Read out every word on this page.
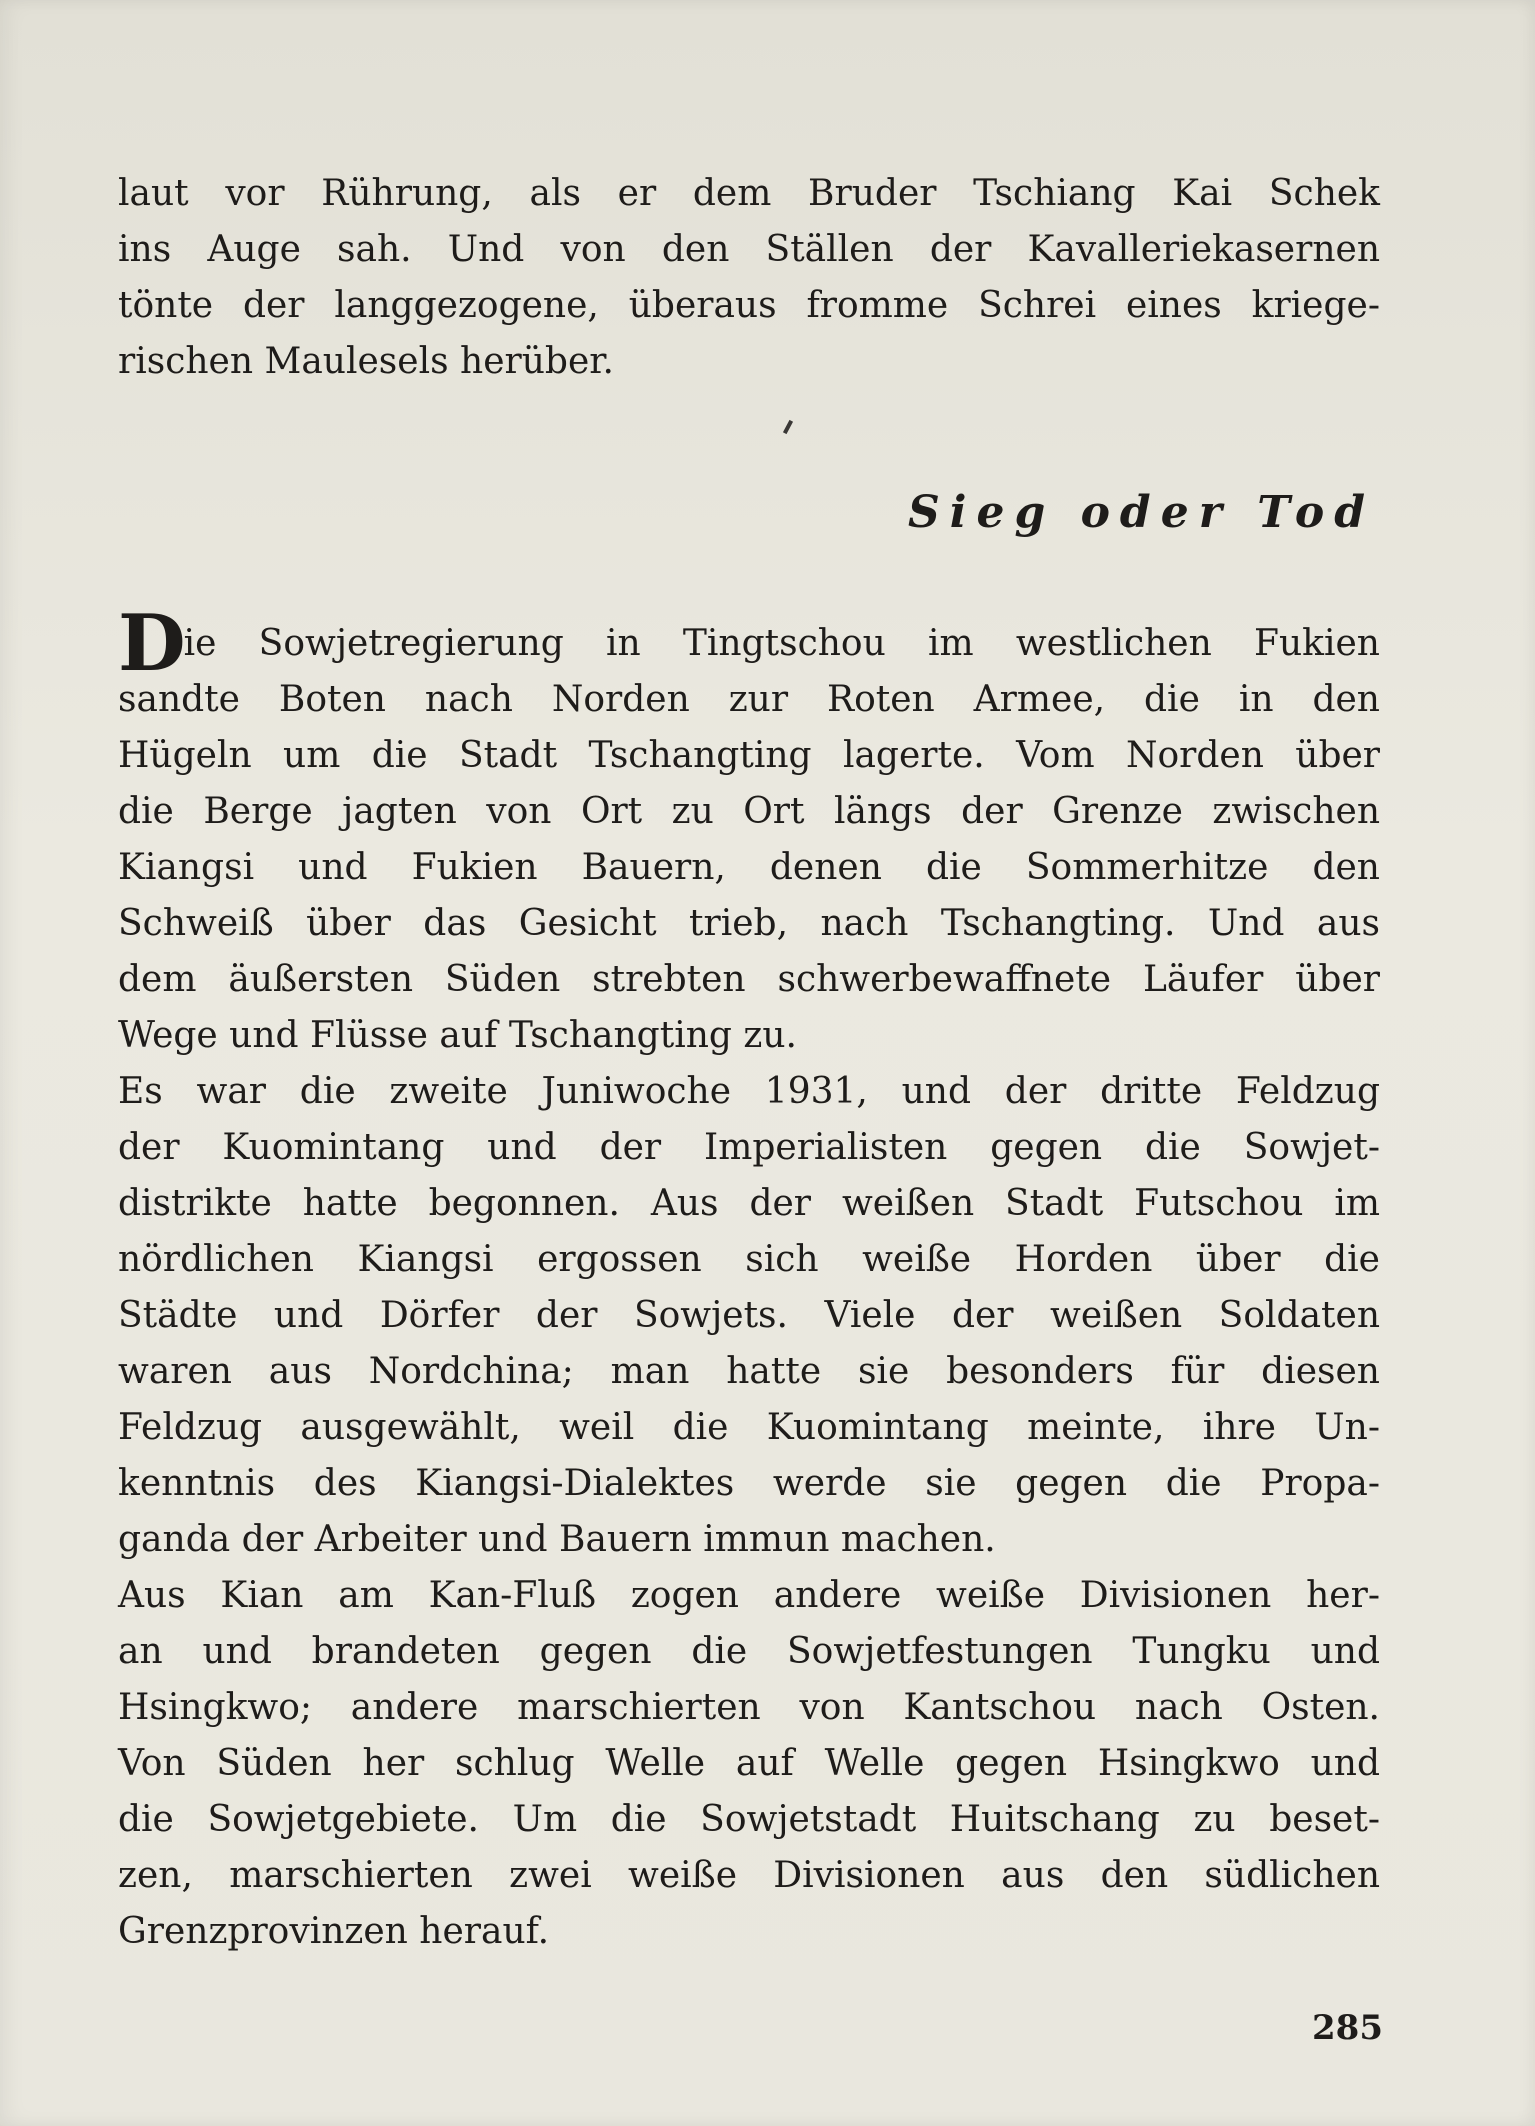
laut vor Rührung, als er dem Bruder Tschiang Kai Schek
ins Auge sah. Und von den Ställen der Kavalleriekasernen
tönte der langgezogene, überaus fromme Schrei eines kriege-
rischen Maulesels herüber.
Sieg oder Tod
Die Sowjetregierung in Tingtschou im westlichen Fukien
sandte Boten nach Norden zur Roten Armee, die in den
Hügeln um die Stadt Tschangting lagerte. Vom Norden über
die Berge jagten von Ort zu Ort längs der Grenze zwischen
Kiangsi und Fukien Bauern, denen die Sommerhitze den
Schweiß über das Gesicht trieb, nach Tschangting. Und aus
dem äußersten Süden strebten schwerbewaffnete Läufer über
Wege und Flüsse auf Tschangting zu.
Es war die zweite Juniwoche 1931, und der dritte Feldzug
der Kuomintang und der Imperialisten gegen die Sowjet-
distrikte hatte begonnen. Aus der weißen Stadt Futschou im
nördlichen Kiangsi ergossen sich weiße Horden über die
Städte und Dörfer der Sowjets. Viele der weißen Soldaten
waren aus Nordchina; man hatte sie besonders für diesen
Feldzug ausgewählt, weil die Kuomintang meinte, ihre Un-
kenntnis des Kiangsi-Dialektes werde sie gegen die Propa-
ganda der Arbeiter und Bauern immun machen.
Aus Kian am Kan-Fluß zogen andere weiße Divisionen her-
an und brandeten gegen die Sowjetfestungen Tungku und
Hsingkwo; andere marschierten von Kantschou nach Osten.
Von Süden her schlug Welle auf Welle gegen Hsingkwo und
die Sowjetgebiete. Um die Sowjetstadt Huitschang zu beset-
zen, marschierten zwei weiße Divisionen aus den südlichen
Grenzprovinzen herauf.
285
